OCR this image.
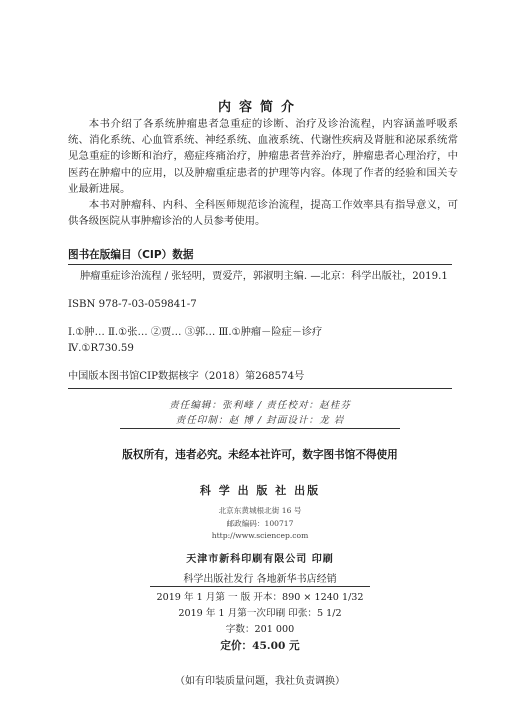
内容简介

本书介绍了各系统肿瘤患者急重症的诊断、治疗及诊治流程，内容涵盖呼吸系统、消化系统、心血管系统、神经系统、血液系统、代谢性疾病及肾脏和泌尿系统常见急重症的诊断和治疗，癌症疼痛治疗，肿瘤患者营养治疗，肿瘤患者心理治疗，中医药在肿瘤中的应用，以及肿瘤重症患者的护理等内容。体现了作者的经验和国关专业最新进展。

本书对肿瘤科、内科、全科医师规范诊治流程，提高工作效率具有指导意义，可供各级医院从事肿瘤诊治的人员参考使用。

图书在版编目（CIP）数据
肿瘤重症诊治流程 / 张轻明，贾爱芹，郭淑明主编. —北京：科学出版社，2019.1
ISBN 978-7-03-059841-7
Ⅰ.①肿… Ⅱ.①张… ②贾… ③郭… Ⅲ.①肿瘤－险症－诊疗
Ⅳ.①R730.59
中国版本图书馆CIP数据核字（2018）第268574号
责任编辑：张利峰 / 责任校对：赵桂芬
责任印制：赵 博 / 封面设计：龙 岩
版权所有，违者必究。未经本社许可，数字图书馆不得使用
科 学 出 版 社 出版
北京东黄城根北街 16 号
邮政编码：100717
http://www.sciencep.com
天津市新科印刷有限公司 印刷
科学出版社发行 各地新华书店经销
2019 年 1 月第 一 版 开本：890 × 1240 1/32
2019 年 1 月第一次印刷 印张：5 1/2
字数：201 000
定价：45.00 元
（如有印装质量问题，我社负责调换）
